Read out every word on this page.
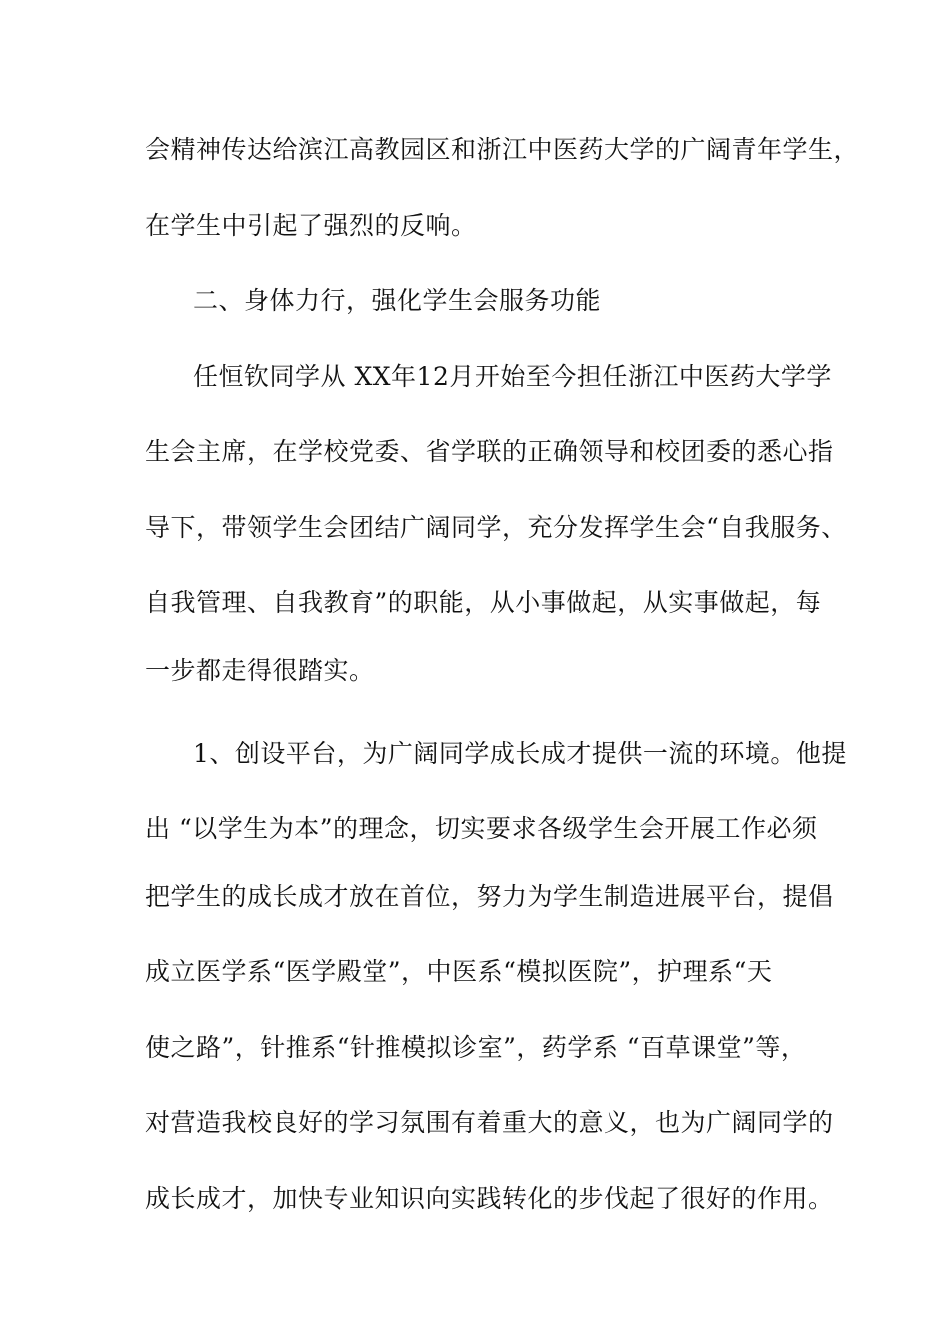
会精神传达给滨江高教园区和浙江中医药大学的广阔青年学生，
在学生中引起了强烈的反响。
二、身体力行，强化学生会服务功能
任恒钦同学从 XX年12月开始至今担任浙江中医药大学学
生会主席，在学校党委、省学联的正确领导和校团委的悉心指
导下，带领学生会团结广阔同学，充分发挥学生会“自我服务、
自我管理、自我教育”的职能，从小事做起，从实事做起，每
一步都走得很踏实。
1、创设平台，为广阔同学成长成才提供一流的环境。他提
出 “以学生为本”的理念，切实要求各级学生会开展工作必须
把学生的成长成才放在首位，努力为学生制造进展平台，提倡
成立医学系“医学殿堂”，中医系“模拟医院”，护理系“天
使之路”，针推系“针推模拟诊室”，药学系 “百草课堂”等，
对营造我校良好的学习氛围有着重大的意义，也为广阔同学的
成长成才，加快专业知识向实践转化的步伐起了很好的作用。
